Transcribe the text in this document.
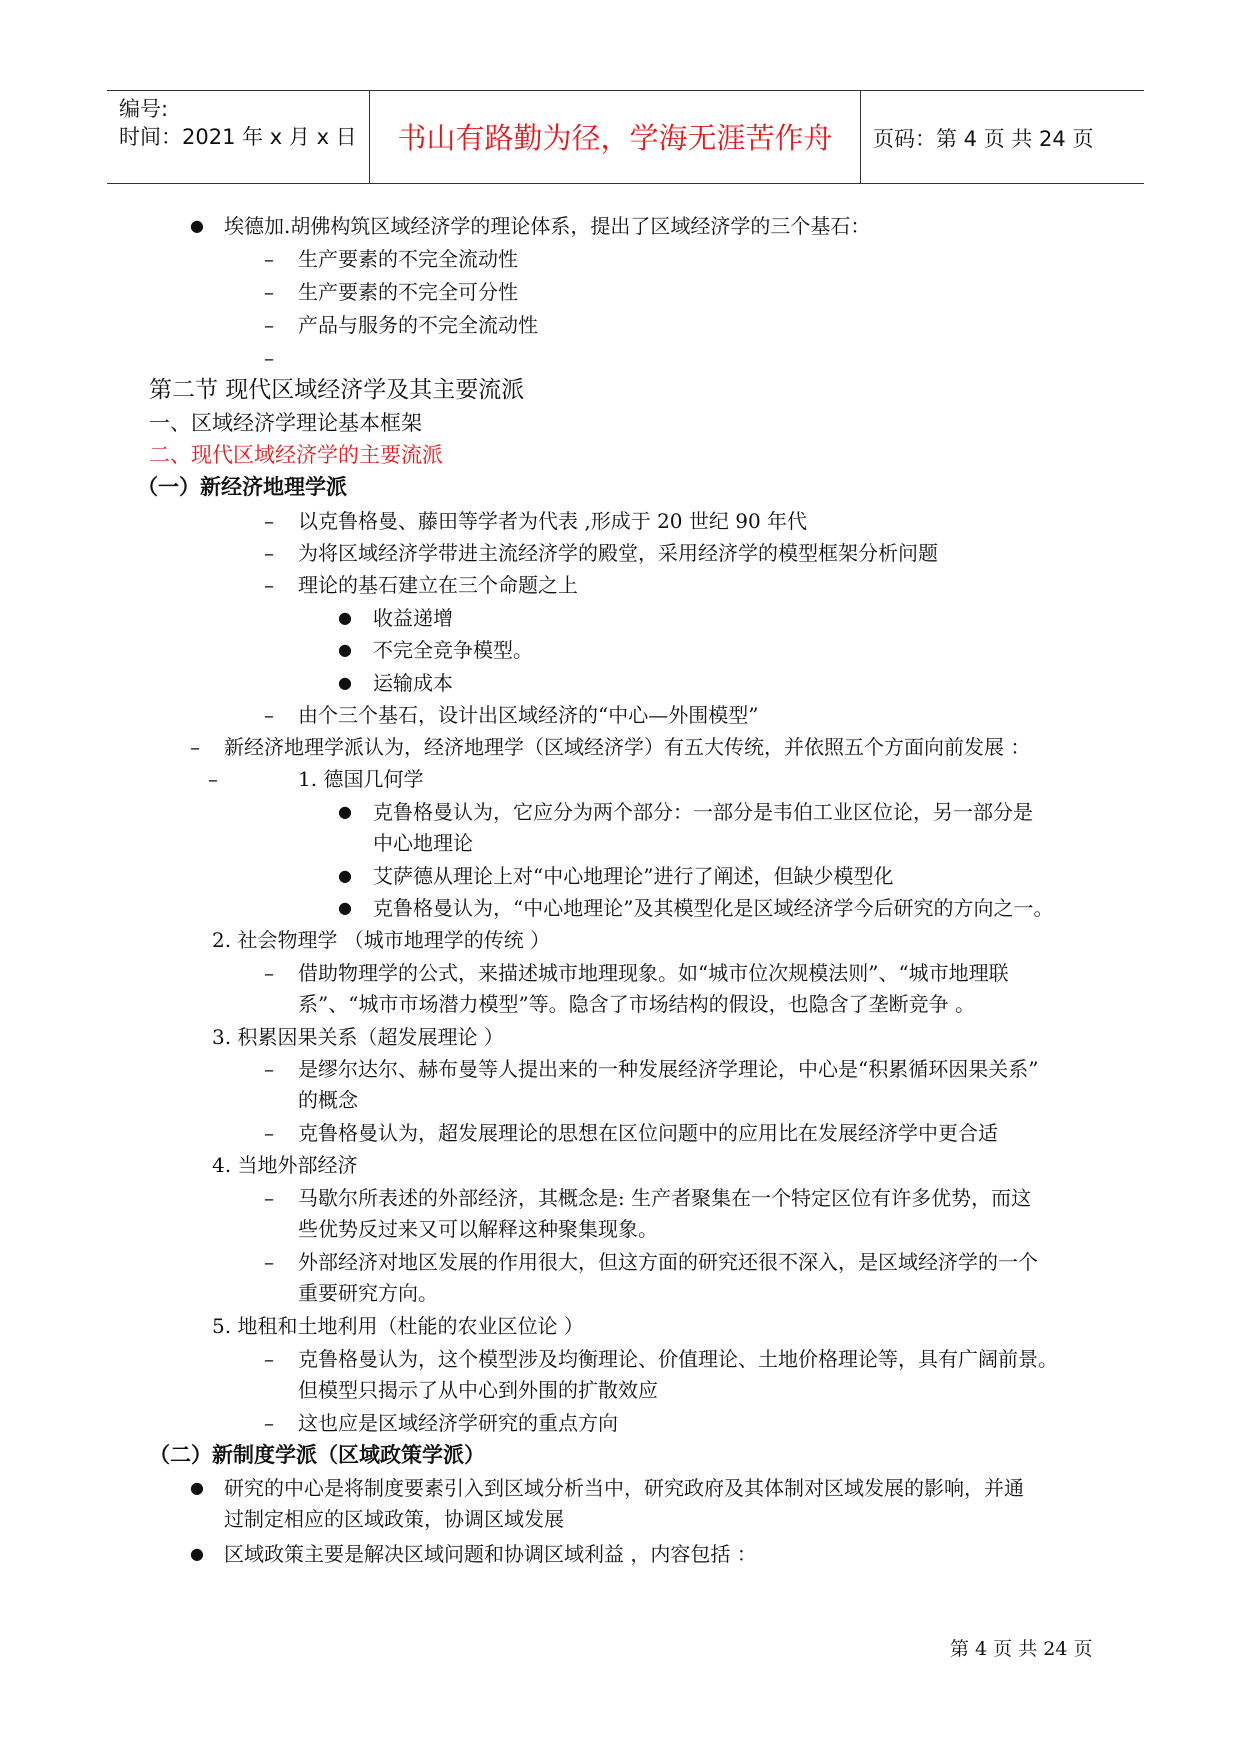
编号:
时间：2021 年 x 月 x 日	书山有路勤为径，学海无涯苦作舟	页码：第 4 页 共 24 页
● 埃德加.胡佛构筑区域经济学的理论体系，提出了区域经济学的三个基石：
– 生产要素的不完全流动性
– 生产要素的不完全可分性
– 产品与服务的不完全流动性
–
第二节 现代区域经济学及其主要流派
一、区域经济学理论基本框架
二、现代区域经济学的主要流派
（一）新经济地理学派
– 以克鲁格曼、藤田等学者为代表 ,形成于 20 世纪 90 年代
– 为将区域经济学带进主流经济学的殿堂，采用经济学的模型框架分析问题
– 理论的基石建立在三个命题之上
● 收益递增
● 不完全竞争模型。
● 运输成本
– 由个三个基石，设计出区域经济的“中心—外围模型”
– 新经济地理学派认为，经济地理学（区域经济学）有五大传统，并依照五个方面向前发展 ：
–	1. 德国几何学
● 克鲁格曼认为，它应分为两个部分：一部分是韦伯工业区位论，另一部分是
中心地理论
● 艾萨德从理论上对“中心地理论”进行了阐述，但缺少模型化
● 克鲁格曼认为，“中心地理论”及其模型化是区域经济学今后研究的方向之一。
2. 社会物理学 （城市地理学的传统 ）
– 借助物理学的公式，来描述城市地理现象。如“城市位次规模法则”、“城市地理联
系”、“城市市场潜力模型”等。隐含了市场结构的假设，也隐含了垄断竞争 。
3. 积累因果关系（超发展理论 ）
– 是缪尔达尔、赫布曼等人提出来的一种发展经济学理论，中心是“积累循环因果关系”
的概念
– 克鲁格曼认为，超发展理论的思想在区位问题中的应用比在发展经济学中更合适
4. 当地外部经济
– 马歇尔所表述的外部经济，其概念是: 生产者聚集在一个特定区位有许多优势，而这
些优势反过来又可以解释这种聚集现象。
– 外部经济对地区发展的作用很大，但这方面的研究还很不深入，是区域经济学的一个
重要研究方向。
5. 地租和土地利用（杜能的农业区位论 ）
– 克鲁格曼认为，这个模型涉及均衡理论、价值理论、土地价格理论等，具有广阔前景。
但模型只揭示了从中心到外围的扩散效应
– 这也应是区域经济学研究的重点方向
（二）新制度学派（区域政策学派）
● 研究的中心是将制度要素引入到区域分析当中，研究政府及其体制对区域发展的影响，并通
过制定相应的区域政策，协调区域发展
● 区域政策主要是解决区域问题和协调区域利益 ，内容包括 ：
第 4 页 共 24 页
